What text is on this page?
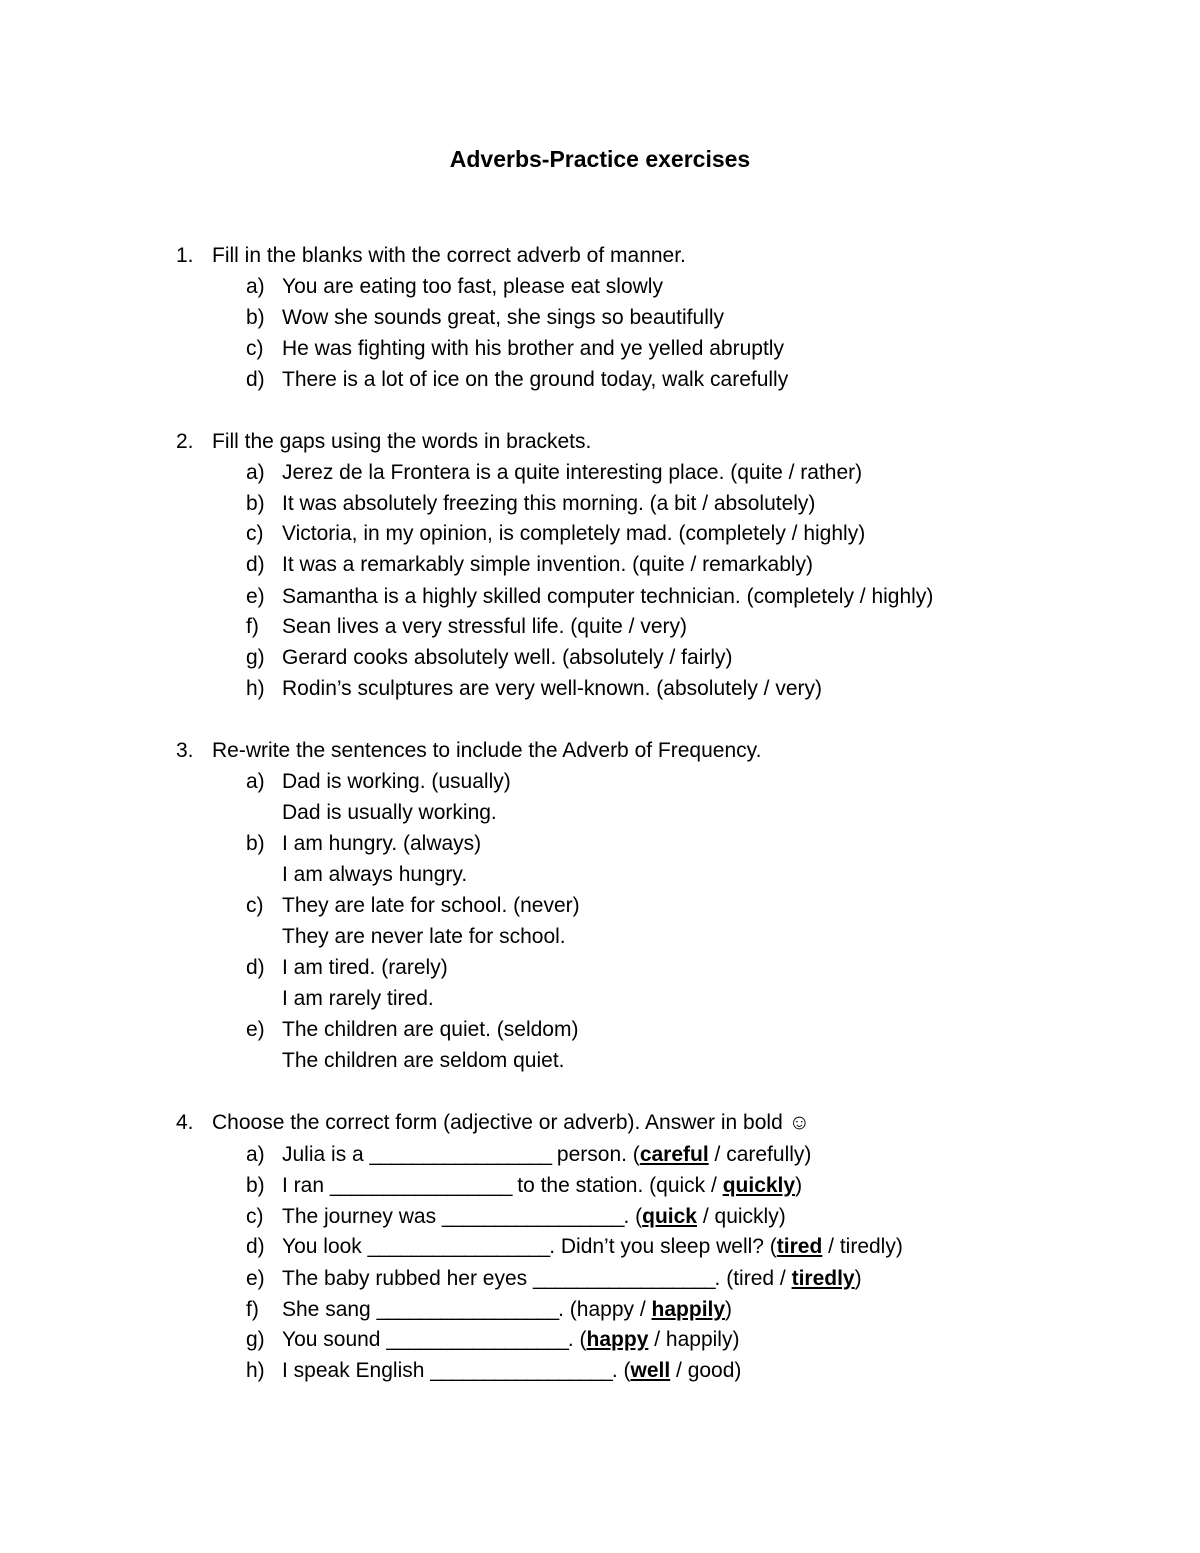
Adverbs-Practice exercises
1. Fill in the blanks with the correct adverb of manner.
a) You are eating too fast, please eat slowly
b) Wow she sounds great, she sings so beautifully
c) He was fighting with his brother and ye yelled abruptly
d) There is a lot of ice on the ground today, walk carefully
2. Fill the gaps using the words in brackets.
a) Jerez de la Frontera is a quite interesting place. (quite / rather)
b) It was absolutely freezing this morning. (a bit / absolutely)
c) Victoria, in my opinion, is completely mad. (completely / highly)
d) It was a remarkably simple invention. (quite / remarkably)
e) Samantha is a highly skilled computer technician. (completely / highly)
f) Sean lives a very stressful life. (quite / very)
g) Gerard cooks absolutely well. (absolutely / fairly)
h) Rodin’s sculptures are very well-known. (absolutely / very)
3. Re-write the sentences to include the Adverb of Frequency.
a) Dad is working. (usually)
Dad is usually working.
b) I am hungry. (always)
I am always hungry.
c) They are late for school. (never)
They are never late for school.
d) I am tired. (rarely)
I am rarely tired.
e) The children are quiet. (seldom)
The children are seldom quiet.
4. Choose the correct form (adjective or adverb). Answer in bold ☺
a) Julia is a _________________ person. (careful / carefully)
b) I ran _________________ to the station. (quick / quickly)
c) The journey was _________________. (quick / quickly)
d) You look _________________. Didn’t you sleep well? (tired / tiredly)
e) The baby rubbed her eyes _________________. (tired / tiredly)
f) She sang _________________. (happy / happily)
g) You sound _________________. (happy / happily)
h) I speak English _________________. (well / good)
